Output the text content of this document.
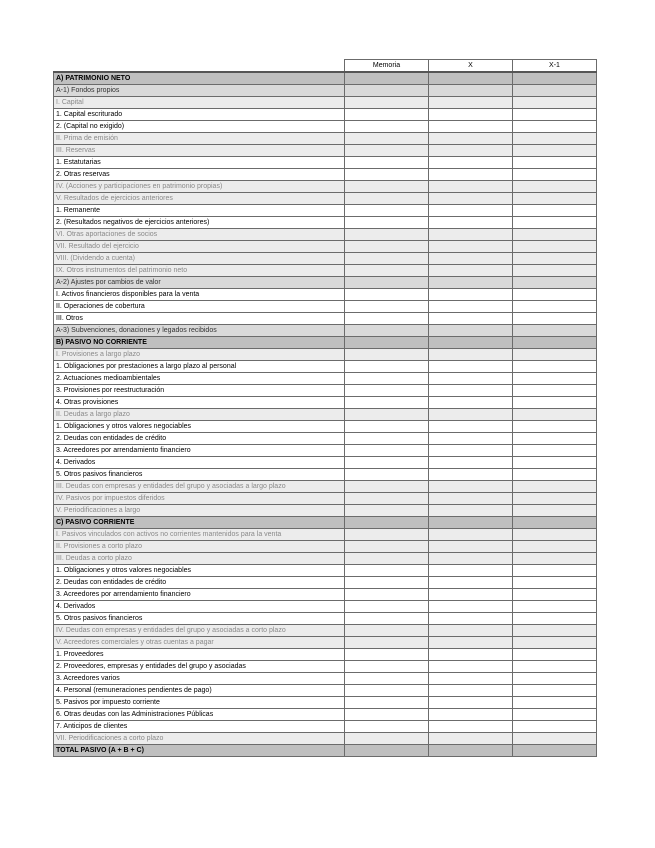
	Memoria	X	X-1
A) PATRIMONIO NETO			
A-1) Fondos propios			
I. Capital			
1. Capital escriturado			
2. (Capital no exigido)			
II. Prima de emisión			
III. Reservas			
1. Estatutarias			
2. Otras reservas			
IV. (Acciones y participaciones en patrimonio propias)			
V. Resultados de ejercicios anteriores			
1. Remanente			
2. (Resultados negativos de ejercicios anteriores)			
VI. Otras aportaciones de socios			
VII. Resultado del ejercicio			
VIII. (Dividendo a cuenta)			
IX. Otros instrumentos del patrimonio neto			
A-2) Ajustes por cambios de valor			
I. Activos financieros disponibles para la venta			
II. Operaciones de cobertura			
III. Otros			
A-3) Subvenciones, donaciones y legados recibidos			
B) PASIVO NO CORRIENTE			
I. Provisiones a largo plazo			
1. Obligaciones por prestaciones a largo plazo al personal			
2. Actuaciones medioambientales			
3. Provisiones por reestructuración			
4. Otras provisiones			
II. Deudas a largo plazo			
1. Obligaciones y otros valores negociables			
2. Deudas con entidades de crédito			
3. Acreedores por arrendamiento financiero			
4. Derivados			
5. Otros pasivos financieros			
III. Deudas con empresas y entidades del grupo y asociadas a largo plazo			
IV. Pasivos por impuestos diferidos			
V. Periodificaciones a largo			
C) PASIVO CORRIENTE			
I. Pasivos vinculados con activos no corrientes mantenidos para la venta			
II. Provisiones a corto plazo			
III. Deudas a corto plazo			
1. Obligaciones y otros valores negociables			
2. Deudas con entidades de crédito			
3. Acreedores por arrendamiento financiero			
4. Derivados			
5. Otros pasivos financieros			
IV. Deudas con empresas y entidades del grupo y asociadas a corto plazo			
V. Acreedores comerciales y otras cuentas a pagar			
1. Proveedores			
2. Proveedores, empresas y entidades del grupo y asociadas			
3. Acreedores varios			
4. Personal (remuneraciones pendientes de pago)			
5. Pasivos por impuesto corriente			
6. Otras deudas con las Administraciones Públicas			
7. Anticipos de clientes			
VII. Periodificaciones a corto plazo			
TOTAL PASIVO (A + B + C)			
